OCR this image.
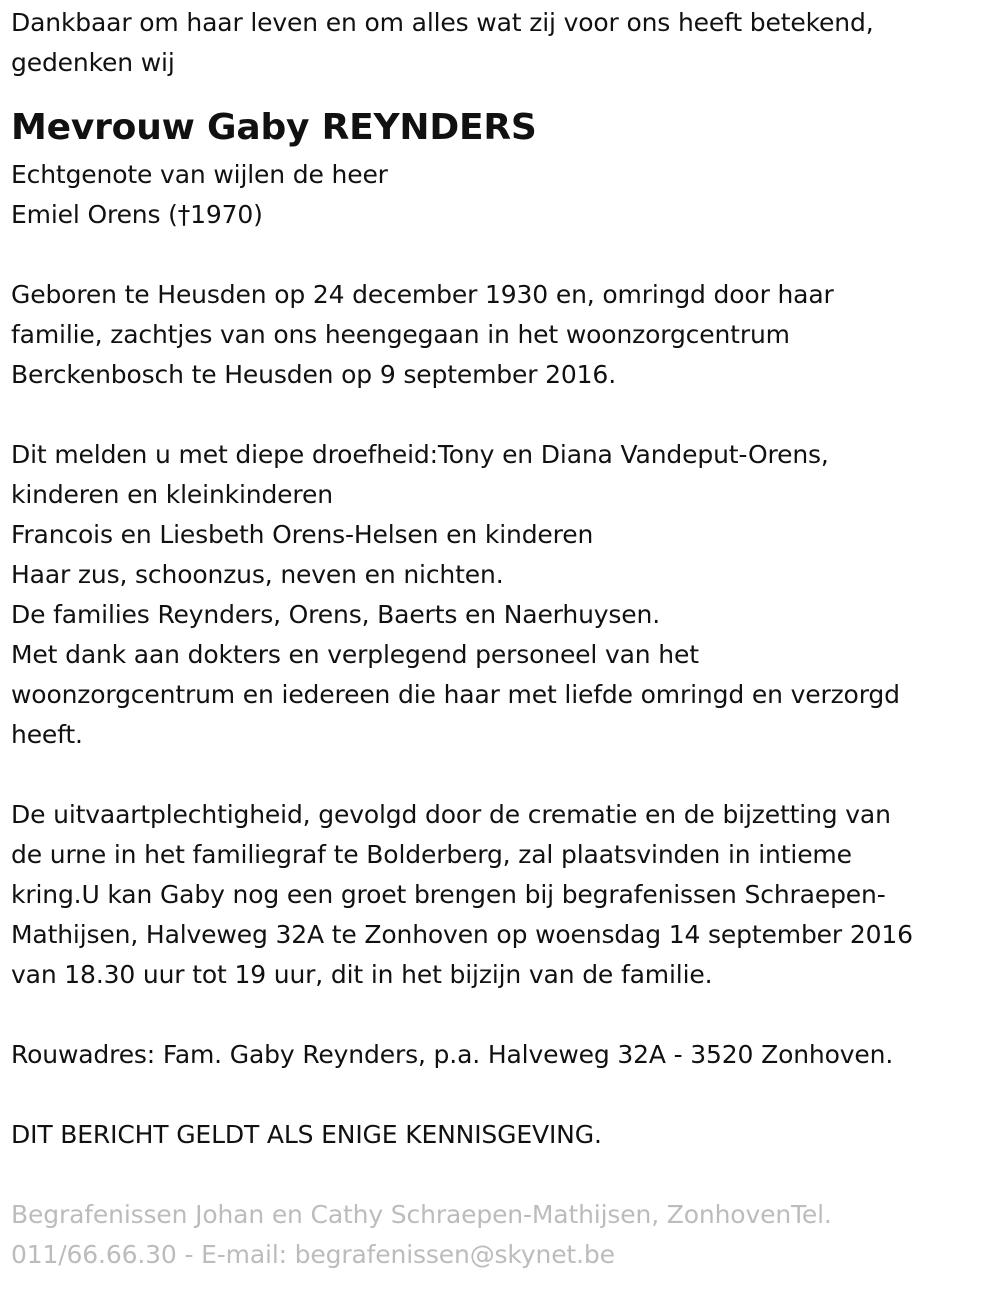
Dankbaar om haar leven en om alles wat zij voor ons heeft betekend,
gedenken wij
Mevrouw Gaby REYNDERS
Echtgenote van wijlen de heer
Emiel Orens (†1970)
Geboren te Heusden op 24 december 1930 en, omringd door haar
familie, zachtjes van ons heengegaan in het woonzorgcentrum
Berckenbosch te Heusden op 9 september 2016.
Dit melden u met diepe droefheid:Tony en Diana Vandeput-Orens,
kinderen en kleinkinderen
Francois en Liesbeth Orens-Helsen en kinderen
Haar zus, schoonzus, neven en nichten.
De families Reynders, Orens, Baerts en Naerhuysen.
Met dank aan dokters en verplegend personeel van het
woonzorgcentrum en iedereen die haar met liefde omringd en verzorgd
heeft.
De uitvaartplechtigheid, gevolgd door de crematie en de bijzetting van
de urne in het familiegraf te Bolderberg, zal plaatsvinden in intieme
kring.U kan Gaby nog een groet brengen bij begrafenissen Schraepen-
Mathijsen, Halveweg 32A te Zonhoven op woensdag 14 september 2016
van 18.30 uur tot 19 uur, dit in het bijzijn van de familie.
Rouwadres: Fam. Gaby Reynders, p.a. Halveweg 32A - 3520 Zonhoven.
DIT BERICHT GELDT ALS ENIGE KENNISGEVING.
Begrafenissen Johan en Cathy Schraepen-Mathijsen, ZonhovenTel.
011/66.66.30 - E-mail: begrafenissen@skynet.be
